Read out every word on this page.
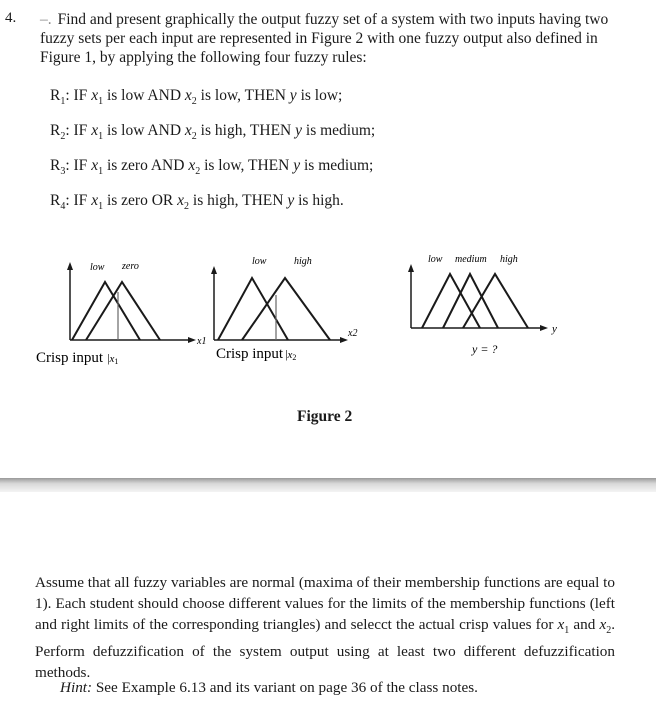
4. –. Find and present graphically the output fuzzy set of a system with two inputs having two fuzzy sets per each input are represented in Figure 2 with one fuzzy output also defined in Figure 1, by applying the following four fuzzy rules:
$R_1$: IF $x_1$ is low AND $x_2$ is low, THEN y is low;
$R_2$: IF $x_1$ is low AND $x_2$ is high, THEN y is medium;
$R_3$: IF $x_1$ is zero AND $x_2$ is low, THEN y is medium;
$R_4$: IF $x_1$ is zero OR $x_2$ is high, THEN y is high.
low zero
x1
Crisp input |x1
low	high
x2
Crisp input |x2
low medium high
y
y = ?
Figure 2
Assume that all fuzzy variables are normal (maxima of their membership functions are equal to 1). Each student should choose different values for the limits of the membership functions (left and right limits of the corresponding triangles) and selecct the actual crisp values for $x_1$ and $x_2$. Perform defuzzification of the system output using at least two different defuzzification methods.
Hint: See Example 6.13 and its variant on page 36 of the class notes.
